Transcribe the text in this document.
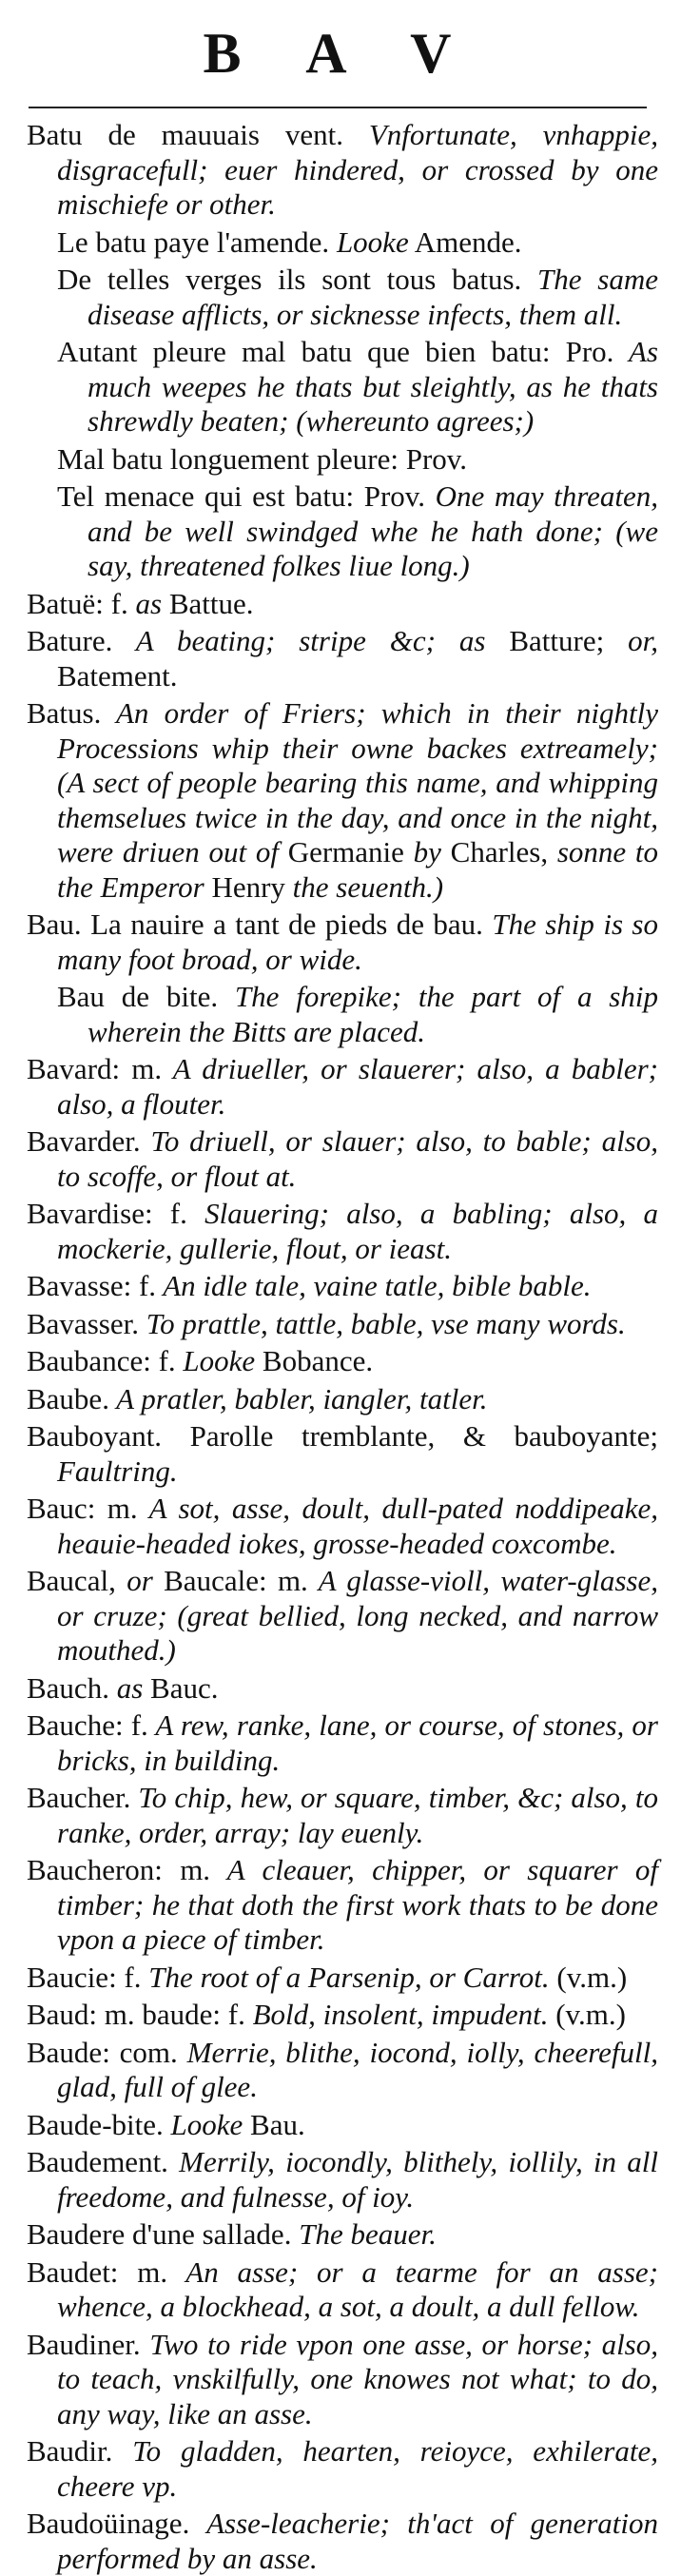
B A V

Batu de mauuais vent. Vnfortunate, vnhappie, disgracefull; euer hindered, or crossed by one mischiefe or other.

Le batu paye l'amende. Looke Amende.

De telles verges ils sont tous batus. The same disease afflicts, or sicknesse infects, them all.

Autant pleure mal batu que bien batu: Pro. As much weepes he thats but sleightly, as he thats shrewdly beaten; (whereunto agrees;)

Mal batu longuement pleure: Prov.

Tel menace qui est batu: Prov. One may threaten, and be well swindged whe he hath done; (we say, threatened folkes liue long.)

Batuë: f. as Battue.

Bature. A beating; stripe &c; as Batture; or, Batement.

Batus. An order of Friers; which in their nightly Processions whip their owne backes extreamely; (A sect of people bearing this name, and whipping themselues twice in the day, and once in the night, were driuen out of Germanie by Charles, sonne to the Emperor Henry the seuenth.)

Bau. La nauire a tant de pieds de bau. The ship is so many foot broad, or wide.

Bau de bite. The forepike; the part of a ship wherein the Bitts are placed.

Bavard: m. A driueller, or slauerer; also, a babler; also, a flouter.

Bavarder. To driuell, or slauer; also, to bable; also, to scoffe, or flout at.

Bavardise: f. Slauering; also, a babling; also, a mockerie, gullerie, flout, or ieast.

Bavasse: f. An idle tale, vaine tatle, bible bable.

Bavasser. To prattle, tattle, bable, vse many words.

Baubance: f. Looke Bobance.

Baube. A pratler, babler, iangler, tatler.

Bauboyant. Parolle tremblante, & bauboyante; Faultring.

Bauc: m. A sot, asse, doult, dull-pated noddipeake, heauie-headed iokes, grosse-headed coxcombe.

Baucal, or Baucale: m. A glasse-violl, water-glasse, or cruze; (great bellied, long necked, and narrow mouthed.)

Bauch. as Bauc.

Bauche: f. A rew, ranke, lane, or course, of stones, or bricks, in building.

Baucher. To chip, hew, or square, timber, &c; also, to ranke, order, array; lay euenly.

Baucheron: m. A cleauer, chipper, or squarer of timber; he that doth the first work thats to be done vpon a piece of timber.

Baucie: f. The root of a Parsenip, or Carrot. (v.m.)

Baud: m. baude: f. Bold, insolent, impudent. (v.m.)

Baude: com. Merrie, blithe, iocond, iolly, cheerefull, glad, full of glee.

Baude-bite. Looke Bau.

Baudement. Merrily, iocondly, blithely, iollily, in all freedome, and fulnesse, of ioy.

Baudere d'une sallade. The beauer.

Baudet: m. An asse; or a tearme for an asse; whence, a blockhead, a sot, a doult, a dull fellow.

Baudiner. Two to ride vpon one asse, or horse; also, to teach, vnskilfully, one knowes not what; to do, any way, like an asse.

Baudir. To gladden, hearten, reioyce, exhilerate, cheere vp.

Baudoüinage. Asse-leacherie; th'act of generation performed by an asse.
